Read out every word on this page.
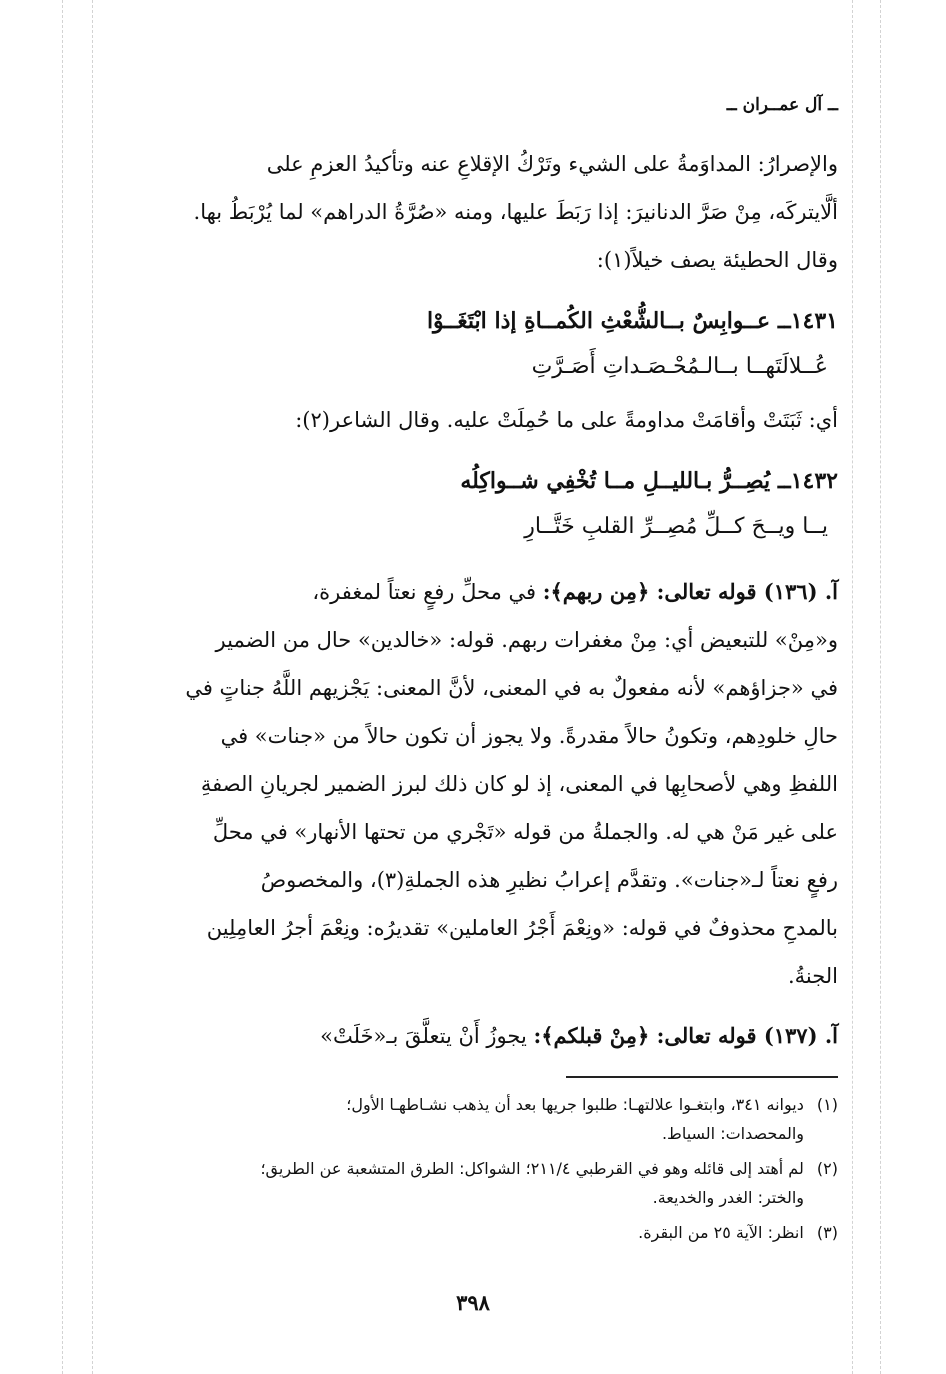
ــ آل عمــران ــ

والإصرارُ: المداوَمةُ على الشيء وتَرْكُ الإقلاعِ عنه وتأكيدُ العزمِ على

ألَّايتركَه، مِنْ صَرَّ الدنانيرَ: إذا رَبَطَ عليها، ومنه «صُرَّةُ الدراهم» لما يُرْبَطُ بها.

وقال الحطيئة يصف خيلاً(١):

١٤٣١ــ عــوابِسٌ بــالشُّعْثِ الكُمــاةِ إذا ابْتَغَــوْا

عُــلالَتَهــا بــالـمُحْـصَـداتِ أَصَـرَّتِ

أي: ثَبَتَتْ وأقامَتْ مداومةً على ما حُمِلَتْ عليه. وقال الشاعر(٢):

١٤٣٢ــ يُصِــرُّ بـالليــلِ مــا تُخْفِي شــواكِلُه

يــا ويــحَ كــلِّ مُصِــرِّ القلبِ خَتَّــارِ

آ. (١٣٦) قوله تعالى: ﴿مِن ربهم﴾: في محلِّ رفعٍ نعتاً لمغفرة،

و«مِنْ» للتبعيض أي: مِنْ مغفرات ربهم. قوله: «خالدين» حال من الضمير

في «جزاؤهم» لأنه مفعولٌ به في المعنى، لأنَّ المعنى: يَجْزيهم اللَّهُ جناتٍ في

حالِ خلودِهم، وتكونُ حالاً مقدرةً. ولا يجوز أن تكون حالاً من «جنات» في

اللفظِ وهي لأصحابِها في المعنى، إذ لو كان ذلك لبرز الضمير لجريانِ الصفةِ

على غير مَنْ هي له. والجملةُ من قوله «تَجْري من تحتها الأنهار» في محلِّ

رفعٍ نعتاً لـ«جنات». وتقدَّم إعرابُ نظيرِ هذه الجملةِ(٣)، والمخصوصُ

بالمدحِ محذوفٌ في قوله: «ونِعْمَ أَجْرُ العاملين» تقديرُه: ونِعْمَ أجرُ العامِلِين

الجنةُ.

آ. (١٣٧) قوله تعالى: ﴿مِنْ قبلكم﴾: يجوزُ أَنْ يتعلَّقَ بـ«خَلَتْ»

(١) ديوانه ٣٤١، وابتغـوا علالتهـا: طلبوا جريها بعد أن يذهب نشـاطهـا الأول؛
والمحصدات: السياط.

(٢) لم أهتد إلى قائله وهو في القرطبي ٢١١/٤؛ الشواكل: الطرق المتشعبة عن الطريق؛
والختر: الغدر والخديعة.

(٣) انظر: الآية ٢٥ من البقرة.

٣٩٨
